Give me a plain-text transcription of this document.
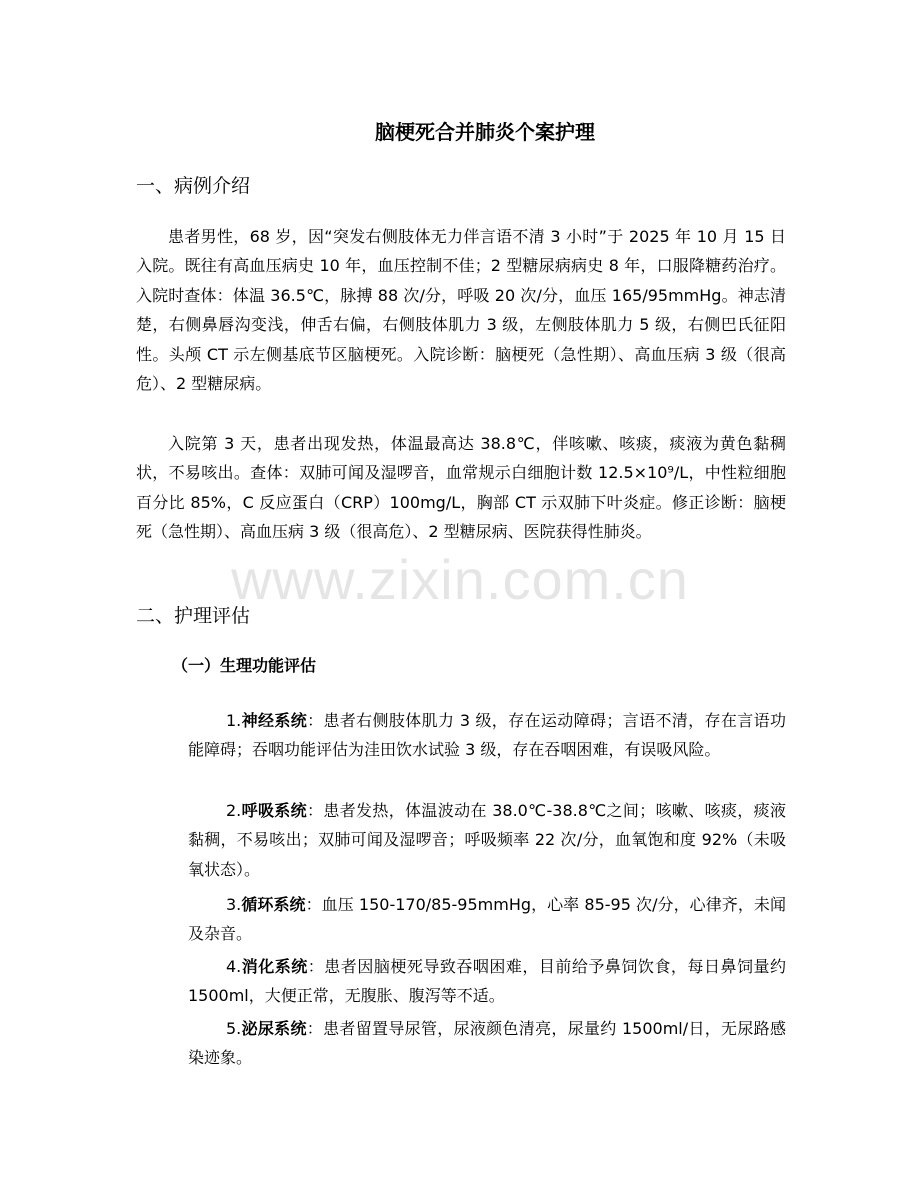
脑梗死合并肺炎个案护理
一、病例介绍

患者男性，68 岁，因“突发右侧肢体无力伴言语不清 3 小时”于 2025 年 10 月 15 日入院。既往有高血压病史 10 年，血压控制不佳；2 型糖尿病病史 8 年，口服降糖药治疗。入院时查体：体温 36.5℃，脉搏 88 次/分，呼吸 20 次/分，血压 165/95mmHg。神志清楚，右侧鼻唇沟变浅，伸舌右偏，右侧肢体肌力 3 级，左侧肢体肌力 5 级，右侧巴氏征阳性。头颅 CT 示左侧基底节区脑梗死。入院诊断：脑梗死（急性期）、高血压病 3 级（很高危）、2 型糖尿病。

入院第 3 天，患者出现发热，体温最高达 38.8℃，伴咳嗽、咳痰，痰液为黄色黏稠状，不易咳出。查体：双肺可闻及湿啰音，血常规示白细胞计数 12.5×10⁹/L，中性粒细胞百分比 85%，C 反应蛋白（CRP）100mg/L，胸部 CT 示双肺下叶炎症。修正诊断：脑梗死（急性期）、高血压病 3 级（很高危）、2 型糖尿病、医院获得性肺炎。

二、护理评估
（一）生理功能评估

1.神经系统：患者右侧肢体肌力 3 级，存在运动障碍；言语不清，存在言语功能障碍；吞咽功能评估为洼田饮水试验 3 级，存在吞咽困难，有误吸风险。

2.呼吸系统：患者发热，体温波动在 38.0℃-38.8℃之间；咳嗽、咳痰，痰液黏稠，不易咳出；双肺可闻及湿啰音；呼吸频率 22 次/分，血氧饱和度 92%（未吸氧状态）。

3.循环系统：血压 150-170/85-95mmHg，心率 85-95 次/分，心律齐，未闻及杂音。

4.消化系统：患者因脑梗死导致吞咽困难，目前给予鼻饲饮食，每日鼻饲量约 1500ml，大便正常，无腹胀、腹泻等不适。

5.泌尿系统：患者留置导尿管，尿液颜色清亮，尿量约 1500ml/日，无尿路感染迹象。

www.zixin.com.cn
